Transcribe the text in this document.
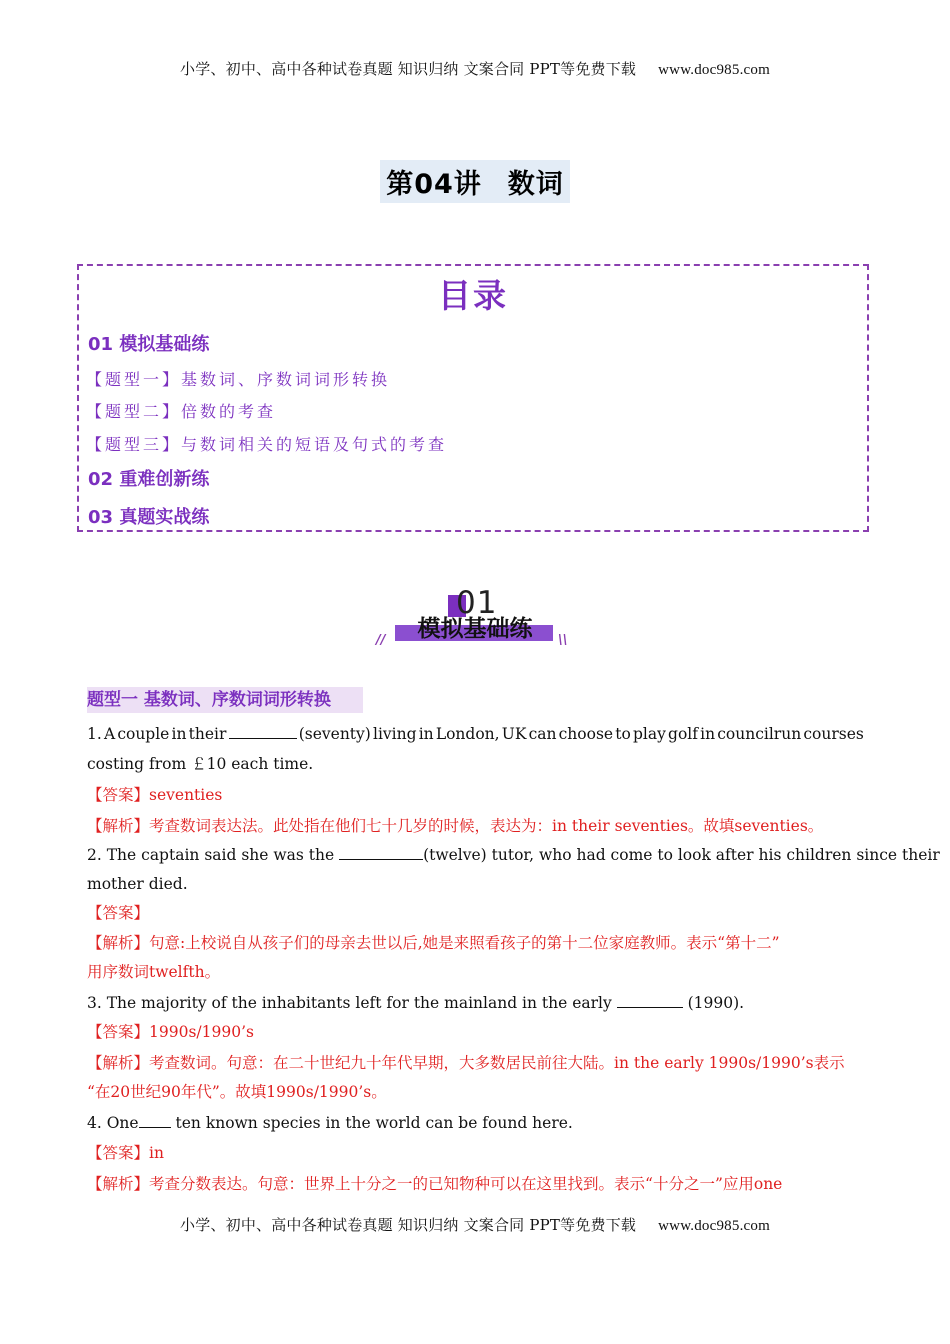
小学、初中、高中各种试卷真题 知识归纳 文案合同 PPT等免费下载 www.doc985.com
第04讲 数词
目录
01 模拟基础练
【题型一】基数词、序数词词形转换
【题型二】倍数的考查
【题型三】与数词相关的短语及句式的考查
02 重难创新练
03 真题实战练
01
模拟基础练
//	\\
题型一 基数词、序数词词形转换
1. A couple in their	(seventy) living in London, UK can choose to play golf in councilrun courses
costing from ￡10 each time.
【答案】seventies
【解析】考查数词表达法。此处指在他们七十几岁的时候，表达为：in their seventies。故填seventies。
2. The captain said she was the	(twelve) tutor, who had come to look after his children since their
mother died.
【答案】
【解析】句意:上校说自从孩子们的母亲去世以后,她是来照看孩子的第十二位家庭教师。表示“第十二”
用序数词twelfth。
3. The majority of the inhabitants left for the mainland in the early	(1990).
【答案】1990s/1990’s
【解析】考查数词。句意：在二十世纪九十年代早期，大多数居民前往大陆。in the early 1990s/1990’s表示
“在20世纪90年代”。故填1990s/1990’s。
4. One ten known species in the world can be found here.
【答案】in
【解析】考查分数表达。句意：世界上十分之一的已知物种可以在这里找到。表示“十分之一”应用one
小学、初中、高中各种试卷真题 知识归纳 文案合同 PPT等免费下载 www.doc985.com
